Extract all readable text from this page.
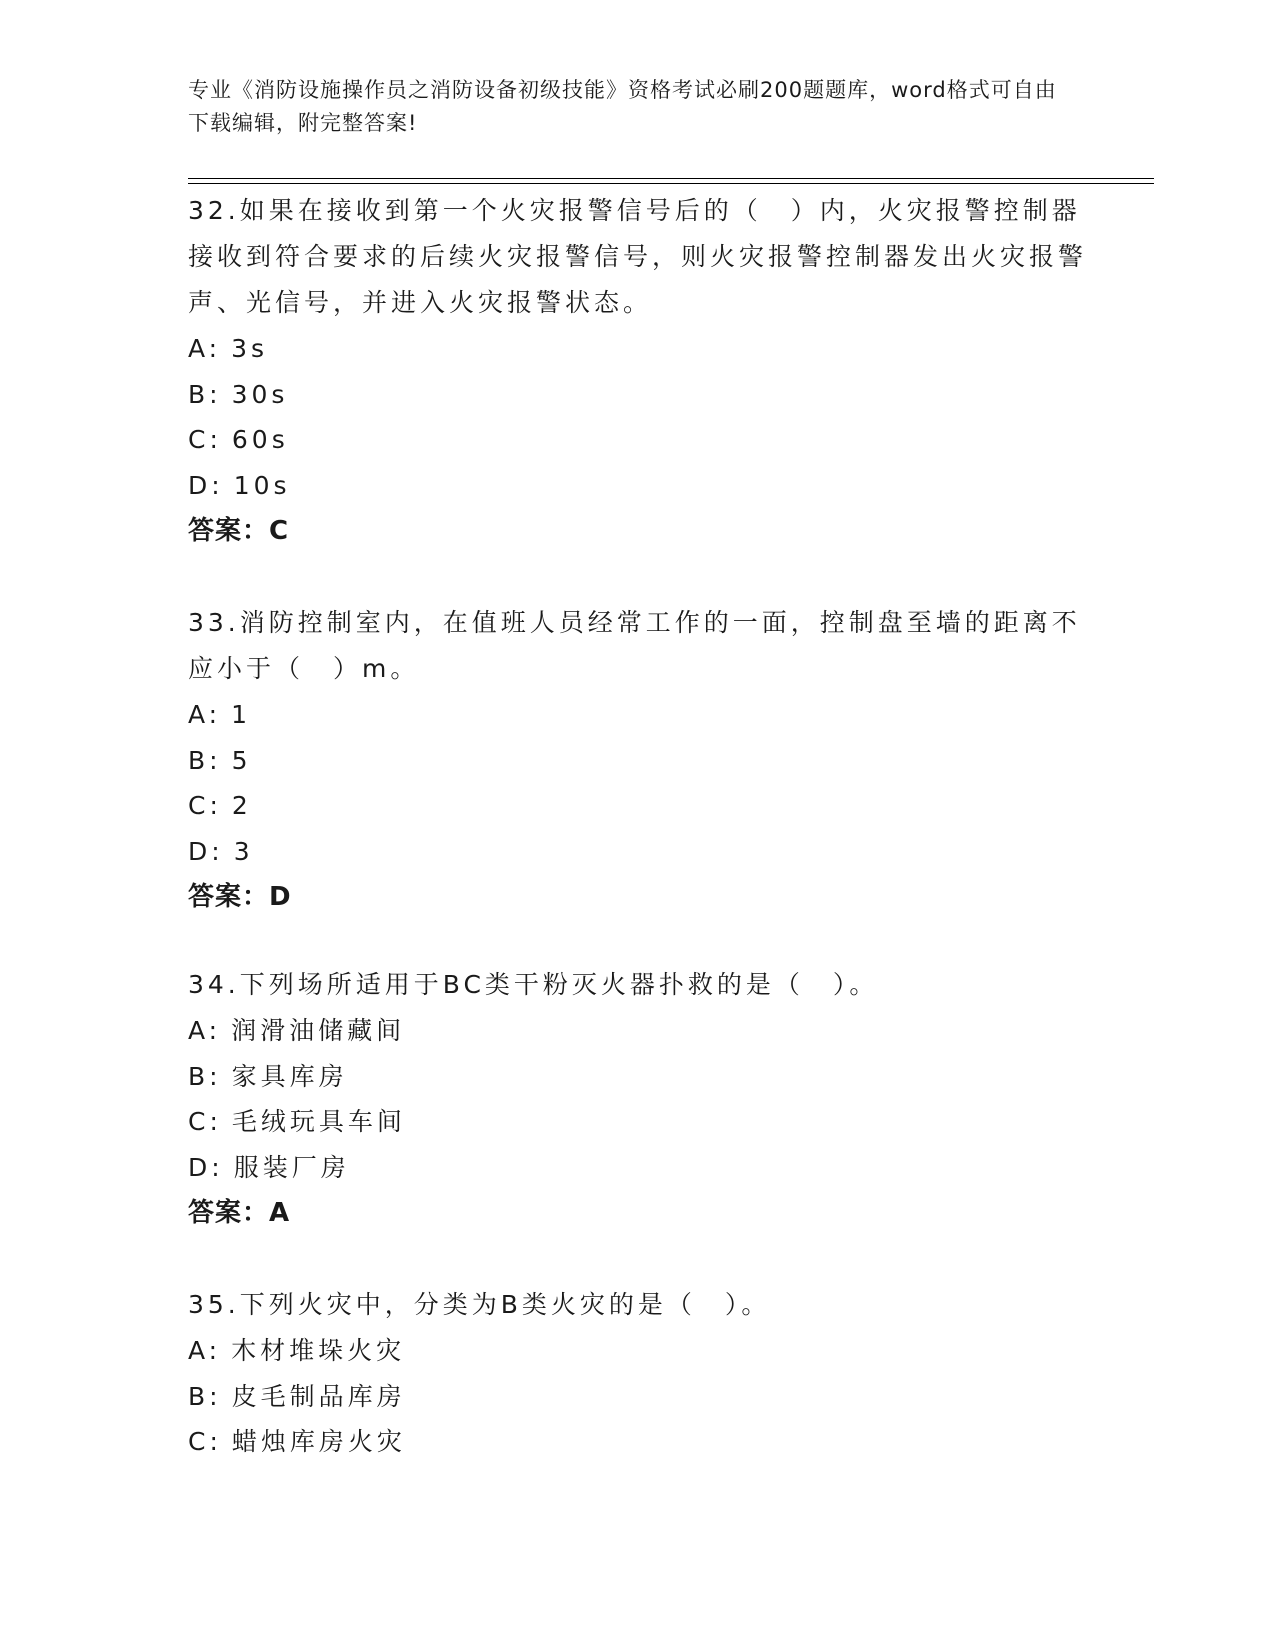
专业《消防设施操作员之消防设备初级技能》资格考试必刷200题题库，word格式可自由下载编辑，附完整答案!

32.如果在接收到第一个火灾报警信号后的（　）内，火灾报警控制器接收到符合要求的后续火灾报警信号，则火灾报警控制器发出火灾报警声、光信号，并进入火灾报警状态。

A: 3s

B: 30s

C: 60s

D: 10s

答案：C

33.消防控制室内，在值班人员经常工作的一面，控制盘至墙的距离不应小于（　）m。

A: 1

B: 5

C: 2

D: 3

答案：D

34.下列场所适用于BC类干粉灭火器扑救的是（　）。

A: 润滑油储藏间

B: 家具库房

C: 毛绒玩具车间

D: 服装厂房

答案：A

35.下列火灾中，分类为B类火灾的是（　）。

A: 木材堆垛火灾

B: 皮毛制品库房

C: 蜡烛库房火灾
